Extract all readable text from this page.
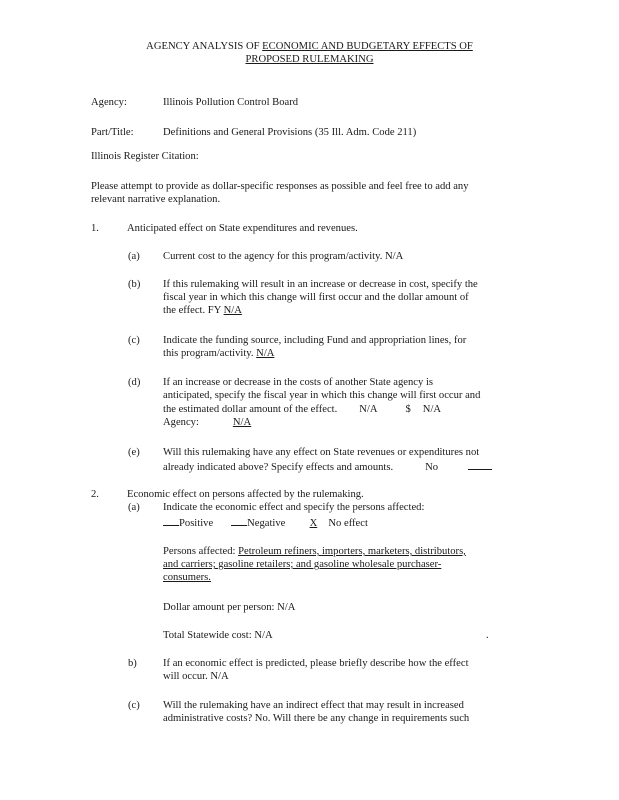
AGENCY ANALYSIS OF ECONOMIC AND BUDGETARY EFFECTS OF
PROPOSED RULEMAKING
Agency:	Illinois Pollution Control Board
Part/Title:	Definitions and General Provisions (35 Ill. Adm. Code 211)
Illinois Register Citation:
Please attempt to provide as dollar-specific responses as possible and feel free to add any
relevant narrative explanation.
1.	Anticipated effect on State expenditures and revenues.
(a) Current cost to the agency for this program/activity. N/A
(b) If this rulemaking will result in an increase or decrease in cost, specify the
fiscal year in which this change will first occur and the dollar amount of
the effect. FY N/A
(c) Indicate the funding source, including Fund and appropriation lines, for
this program/activity. N/A
(d) If an increase or decrease in the costs of another State agency is
anticipated, specify the fiscal year in which this change will first occur and
the estimated dollar amount of the effect. N/A	$ N/A
Agency:	N/A
(e) Will this rulemaking have any effect on State revenues or expenditures not
already indicated above? Specify effects and amounts.	No
2.	Economic effect on persons affected by the rulemaking.
(a) Indicate the economic effect and specify the persons affected:
Positive	Negative X No effect
Persons affected: Petroleum refiners, importers, marketers, distributors,
and carriers; gasoline retailers; and gasoline wholesale purchaser-
consumers.
Dollar amount per person: N/A
Total Statewide cost: N/A	.
b) If an economic effect is predicted, please briefly describe how the effect
will occur. N/A
(c) Will the rulemaking have an indirect effect that may result in increased
administrative costs? No. Will there be any change in requirements such
